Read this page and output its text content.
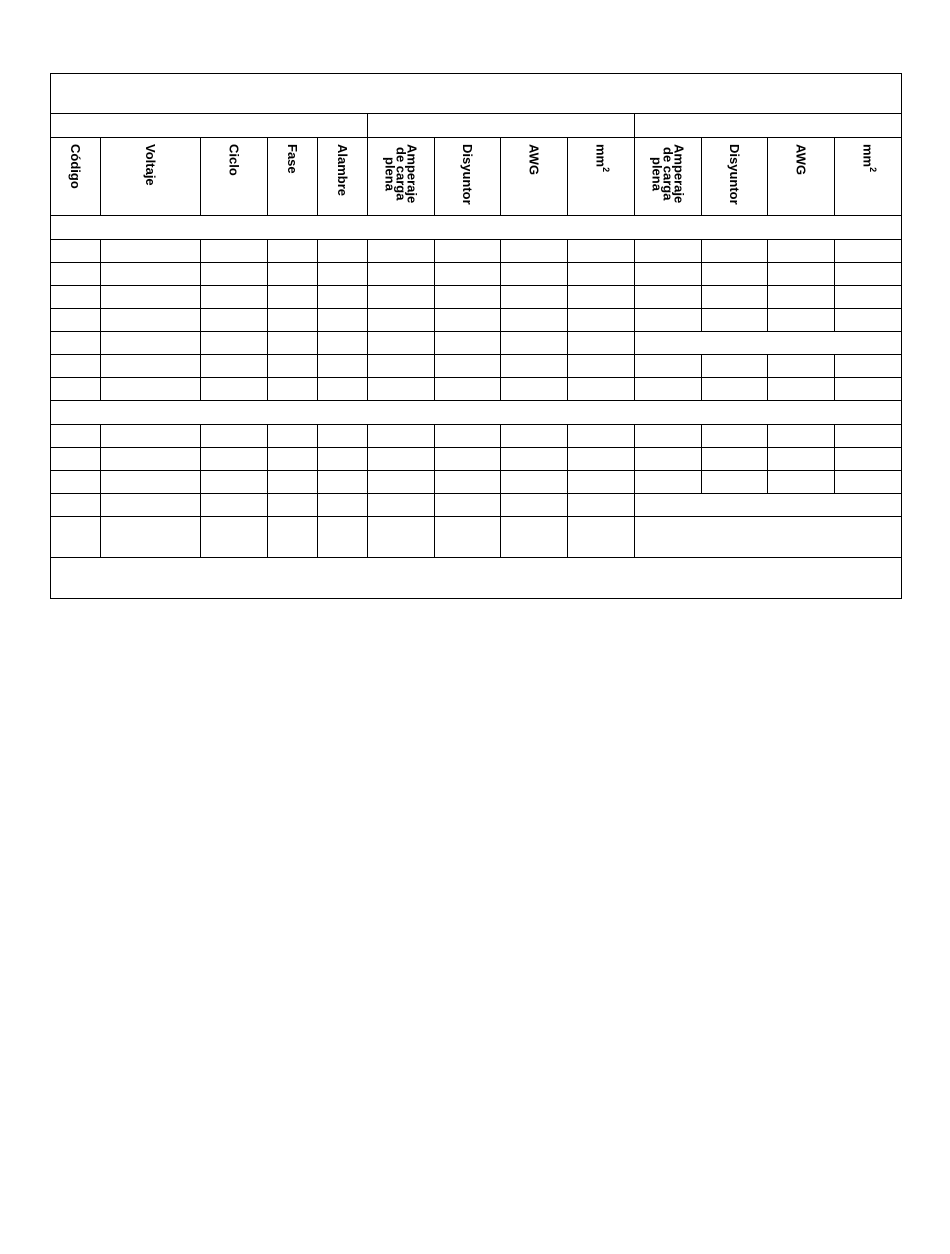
Código	Voltaje	Ciclo	Fase	Alambre	Amperaje
de carga
plena	Disyuntor	AWG	$mm^2$	Amperaje
de carga
plena	Disyuntor	AWG	$mm^2$
